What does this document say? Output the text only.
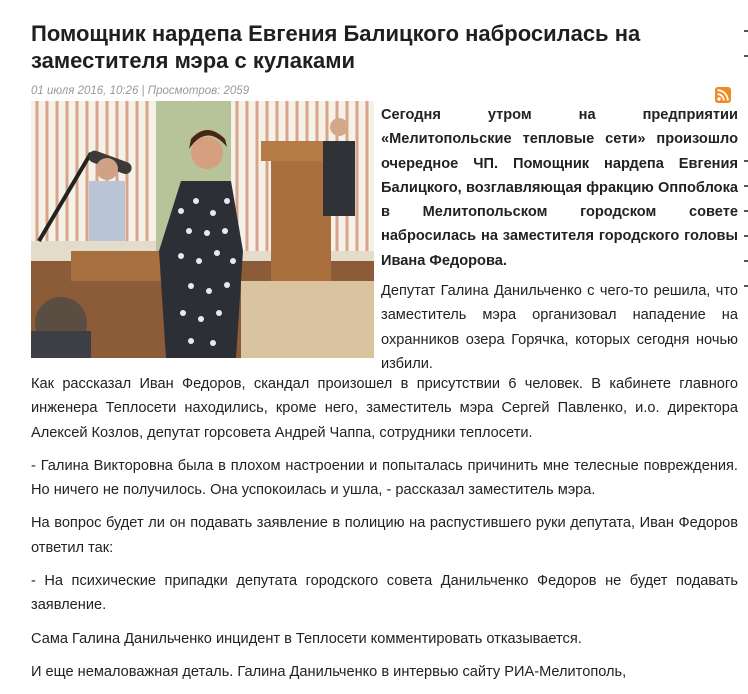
Помощник нардепа Евгения Балицкого набросилась на заместителя мэра с кулаками
01 июля 2016, 10:26 | Просмотров: 2059

Сегодня утром на предприятии «Мелитопольские тепловые сети» произошло очередное ЧП. Помощник нардепа Евгения Балицкого, возглавляющая фракцию Оппоблока в Мелитопольском городском совете набросилась на заместителя городского головы Ивана Федорова.

Депутат Галина Данильченко с чего-то решила, что заместитель мэра организовал нападение на охранников озера Горячка, которых сегодня ночью избили.

Как рассказал Иван Федоров, скандал произошел в присутствии 6 человек. В кабинете главного инженера Теплосети находились, кроме него, заместитель мэра Сергей Павленко, и.о. директора Алексей Козлов, депутат горсовета Андрей Чаппа, сотрудники теплосети.

- Галина Викторовна была в плохом настроении и попыталась причинить мне телесные повреждения. Но ничего не получилось. Она успокоилась и ушла, - рассказал заместитель мэра.

На вопрос будет ли он подавать заявление в полицию на распустившего руки депутата, Иван Федоров ответил так:

- На психические припадки депутата городского совета Данильченко Федоров не будет подавать заявление.

Сама Галина Данильченко инцидент в Теплосети комментировать отказывается.

И еще немаловажная деталь. Галина Данильченко в интервью сайту РИА-Мелитополь,
